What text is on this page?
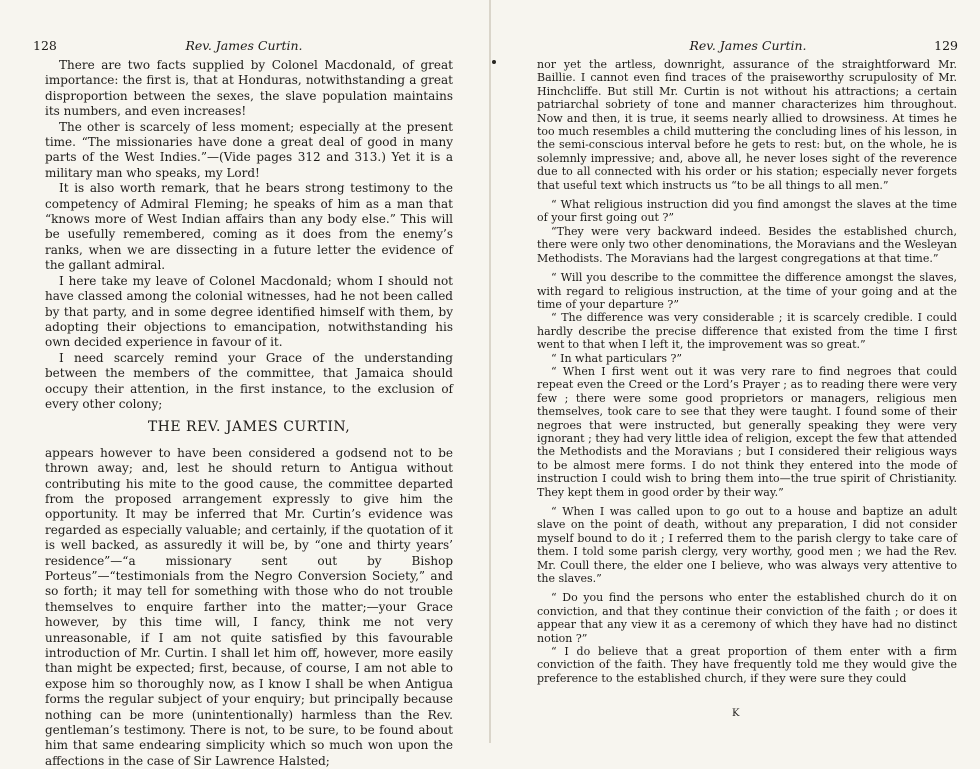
128	Rev. James Curtin.

There are two facts supplied by Colonel Macdonald, of great importance: the first is, that at Honduras, notwithstanding a great disproportion between the sexes, the slave population maintains its numbers, and even increases!

The other is scarcely of less moment; especially at the present time. “The missionaries have done a great deal of good in many parts of the West Indies.”—(Vide pages 312 and 313.) Yet it is a military man who speaks, my Lord!

It is also worth remark, that he bears strong testimony to the competency of Admiral Fleming; he speaks of him as a man that “knows more of West Indian affairs than any body else.” This will be usefully remembered, coming as it does from the enemy’s ranks, when we are dissecting in a future letter the evidence of the gallant admiral.

I here take my leave of Colonel Macdonald; whom I should not have classed among the colonial witnesses, had he not been called by that party, and in some degree identified himself with them, by adopting their objections to emancipation, notwithstanding his own decided experience in favour of it.

I need scarcely remind your Grace of the understanding between the members of the committee, that Jamaica should occupy their attention, in the first instance, to the exclusion of every other colony;

THE REV. JAMES CURTIN,

appears however to have been considered a godsend not to be thrown away; and, lest he should return to Antigua without contributing his mite to the good cause, the committee departed from the proposed arrangement expressly to give him the opportunity. It may be inferred that Mr. Curtin’s evidence was regarded as especially valuable; and certainly, if the quotation of it is well backed, as assuredly it will be, by “one and thirty years’ residence”—“a missionary sent out by Bishop Porteus”—“testimonials from the Negro Conversion Society,” and so forth; it may tell for something with those who do not trouble themselves to enquire farther into the matter;—your Grace however, by this time will, I fancy, think me not very unreasonable, if I am not quite satisfied by this favourable introduction of Mr. Curtin. I shall let him off, however, more easily than might be expected; first, because, of course, I am not able to expose him so thoroughly now, as I know I shall be when Antigua forms the regular subject of your enquiry; but principally because nothing can be more (unintentionally) harmless than the Rev. gentleman’s testimony. There is not, to be sure, to be found about him that same endearing simplicity which so much won upon the affections in the case of Sir Lawrence Halsted;

Rev. James Curtin.	129

nor yet the artless, downright, assurance of the straightforward Mr. Baillie. I cannot even find traces of the praiseworthy scrupulosity of Mr. Hinchcliffe. But still Mr. Curtin is not without his attractions; a certain patriarchal sobriety of tone and manner characterizes him throughout. Now and then, it is true, it seems nearly allied to drowsiness. At times he too much resembles a child muttering the concluding lines of his lesson, in the semi-conscious interval before he gets to rest: but, on the whole, he is solemnly impressive; and, above all, he never loses sight of the reverence due to all connected with his order or his station; especially never forgets that useful text which instructs us “to be all things to all men.”

“ What religious instruction did you find amongst the slaves at the time of your first going out ?”

“They were very backward indeed. Besides the established church, there were only two other denominations, the Moravians and the Wesleyan Methodists. The Moravians had the largest congregations at that time.”

“ Will you describe to the committee the difference amongst the slaves, with regard to religious instruction, at the time of your going and at the time of your departure ?”

“ The difference was very considerable ; it is scarcely credible. I could hardly describe the precise difference that existed from the time I first went to that when I left it, the improvement was so great.”

“ In what particulars ?”

“ When I first went out it was very rare to find negroes that could repeat even the Creed or the Lord’s Prayer ; as to reading there were very few ; there were some good proprietors or managers, religious men themselves, took care to see that they were taught. I found some of their negroes that were instructed, but generally speaking they were very ignorant ; they had very little idea of religion, except the few that attended the Methodists and the Moravians ; but I considered their religious ways to be almost mere forms. I do not think they entered into the mode of instruction I could wish to bring them into—the true spirit of Christianity. They kept them in good order by their way.”

“ When I was called upon to go out to a house and baptize an adult slave on the point of death, without any preparation, I did not consider myself bound to do it ; I referred them to the parish clergy to take care of them. I told some parish clergy, very worthy, good men ; we had the Rev. Mr. Coull there, the elder one I believe, who was always very attentive to the slaves.”

“ Do you find the persons who enter the established church do it on conviction, and that they continue their conviction of the faith ; or does it appear that any view it as a ceremony of which they have had no distinct notion ?”

“ I do believe that a great proportion of them enter with a firm conviction of the faith. They have frequently told me they would give the preference to the established church, if they were sure they could

K
